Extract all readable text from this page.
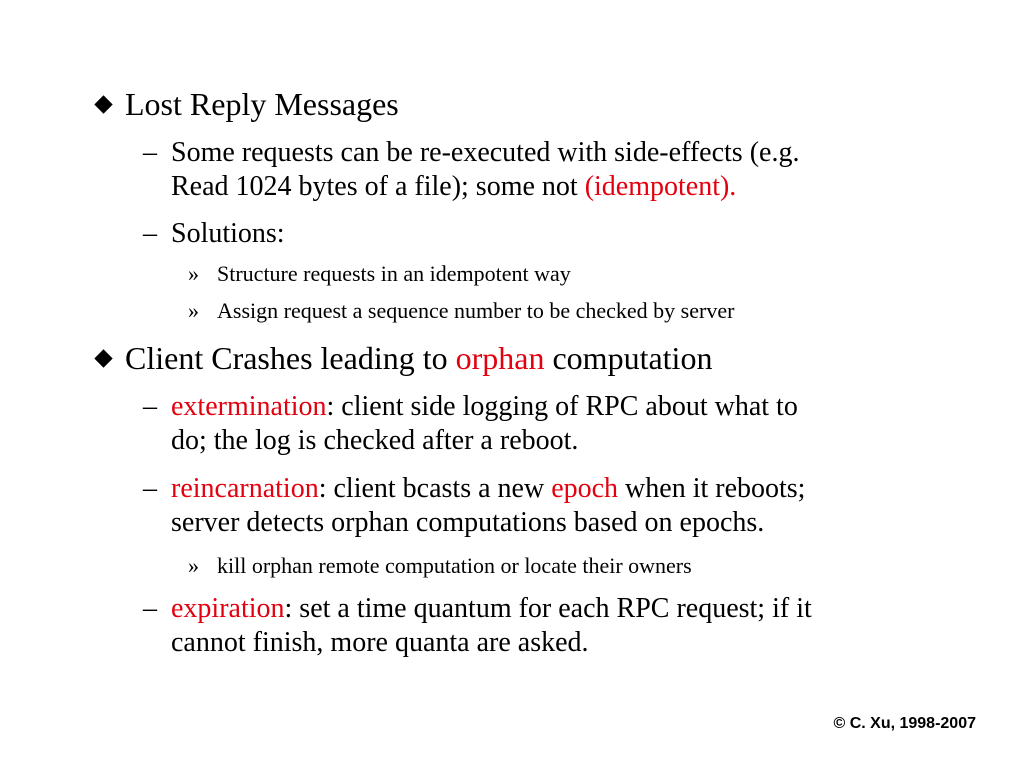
Lost Reply Messages
– Some requests can be re-executed with side-effects (e.g.
Read 1024 bytes of a file); some not (idempotent).
– Solutions:
» Structure requests in an idempotent way
» Assign request a sequence number to be checked by server
Client Crashes leading to orphan computation
– extermination: client side logging of RPC about what to
do; the log is checked after a reboot.
– reincarnation: client bcasts a new epoch when it reboots;
server detects orphan computations based on epochs.
» kill orphan remote computation or locate their owners
– expiration: set a time quantum for each RPC request; if it
cannot finish, more quanta are asked.
© C. Xu, 1998-2007
